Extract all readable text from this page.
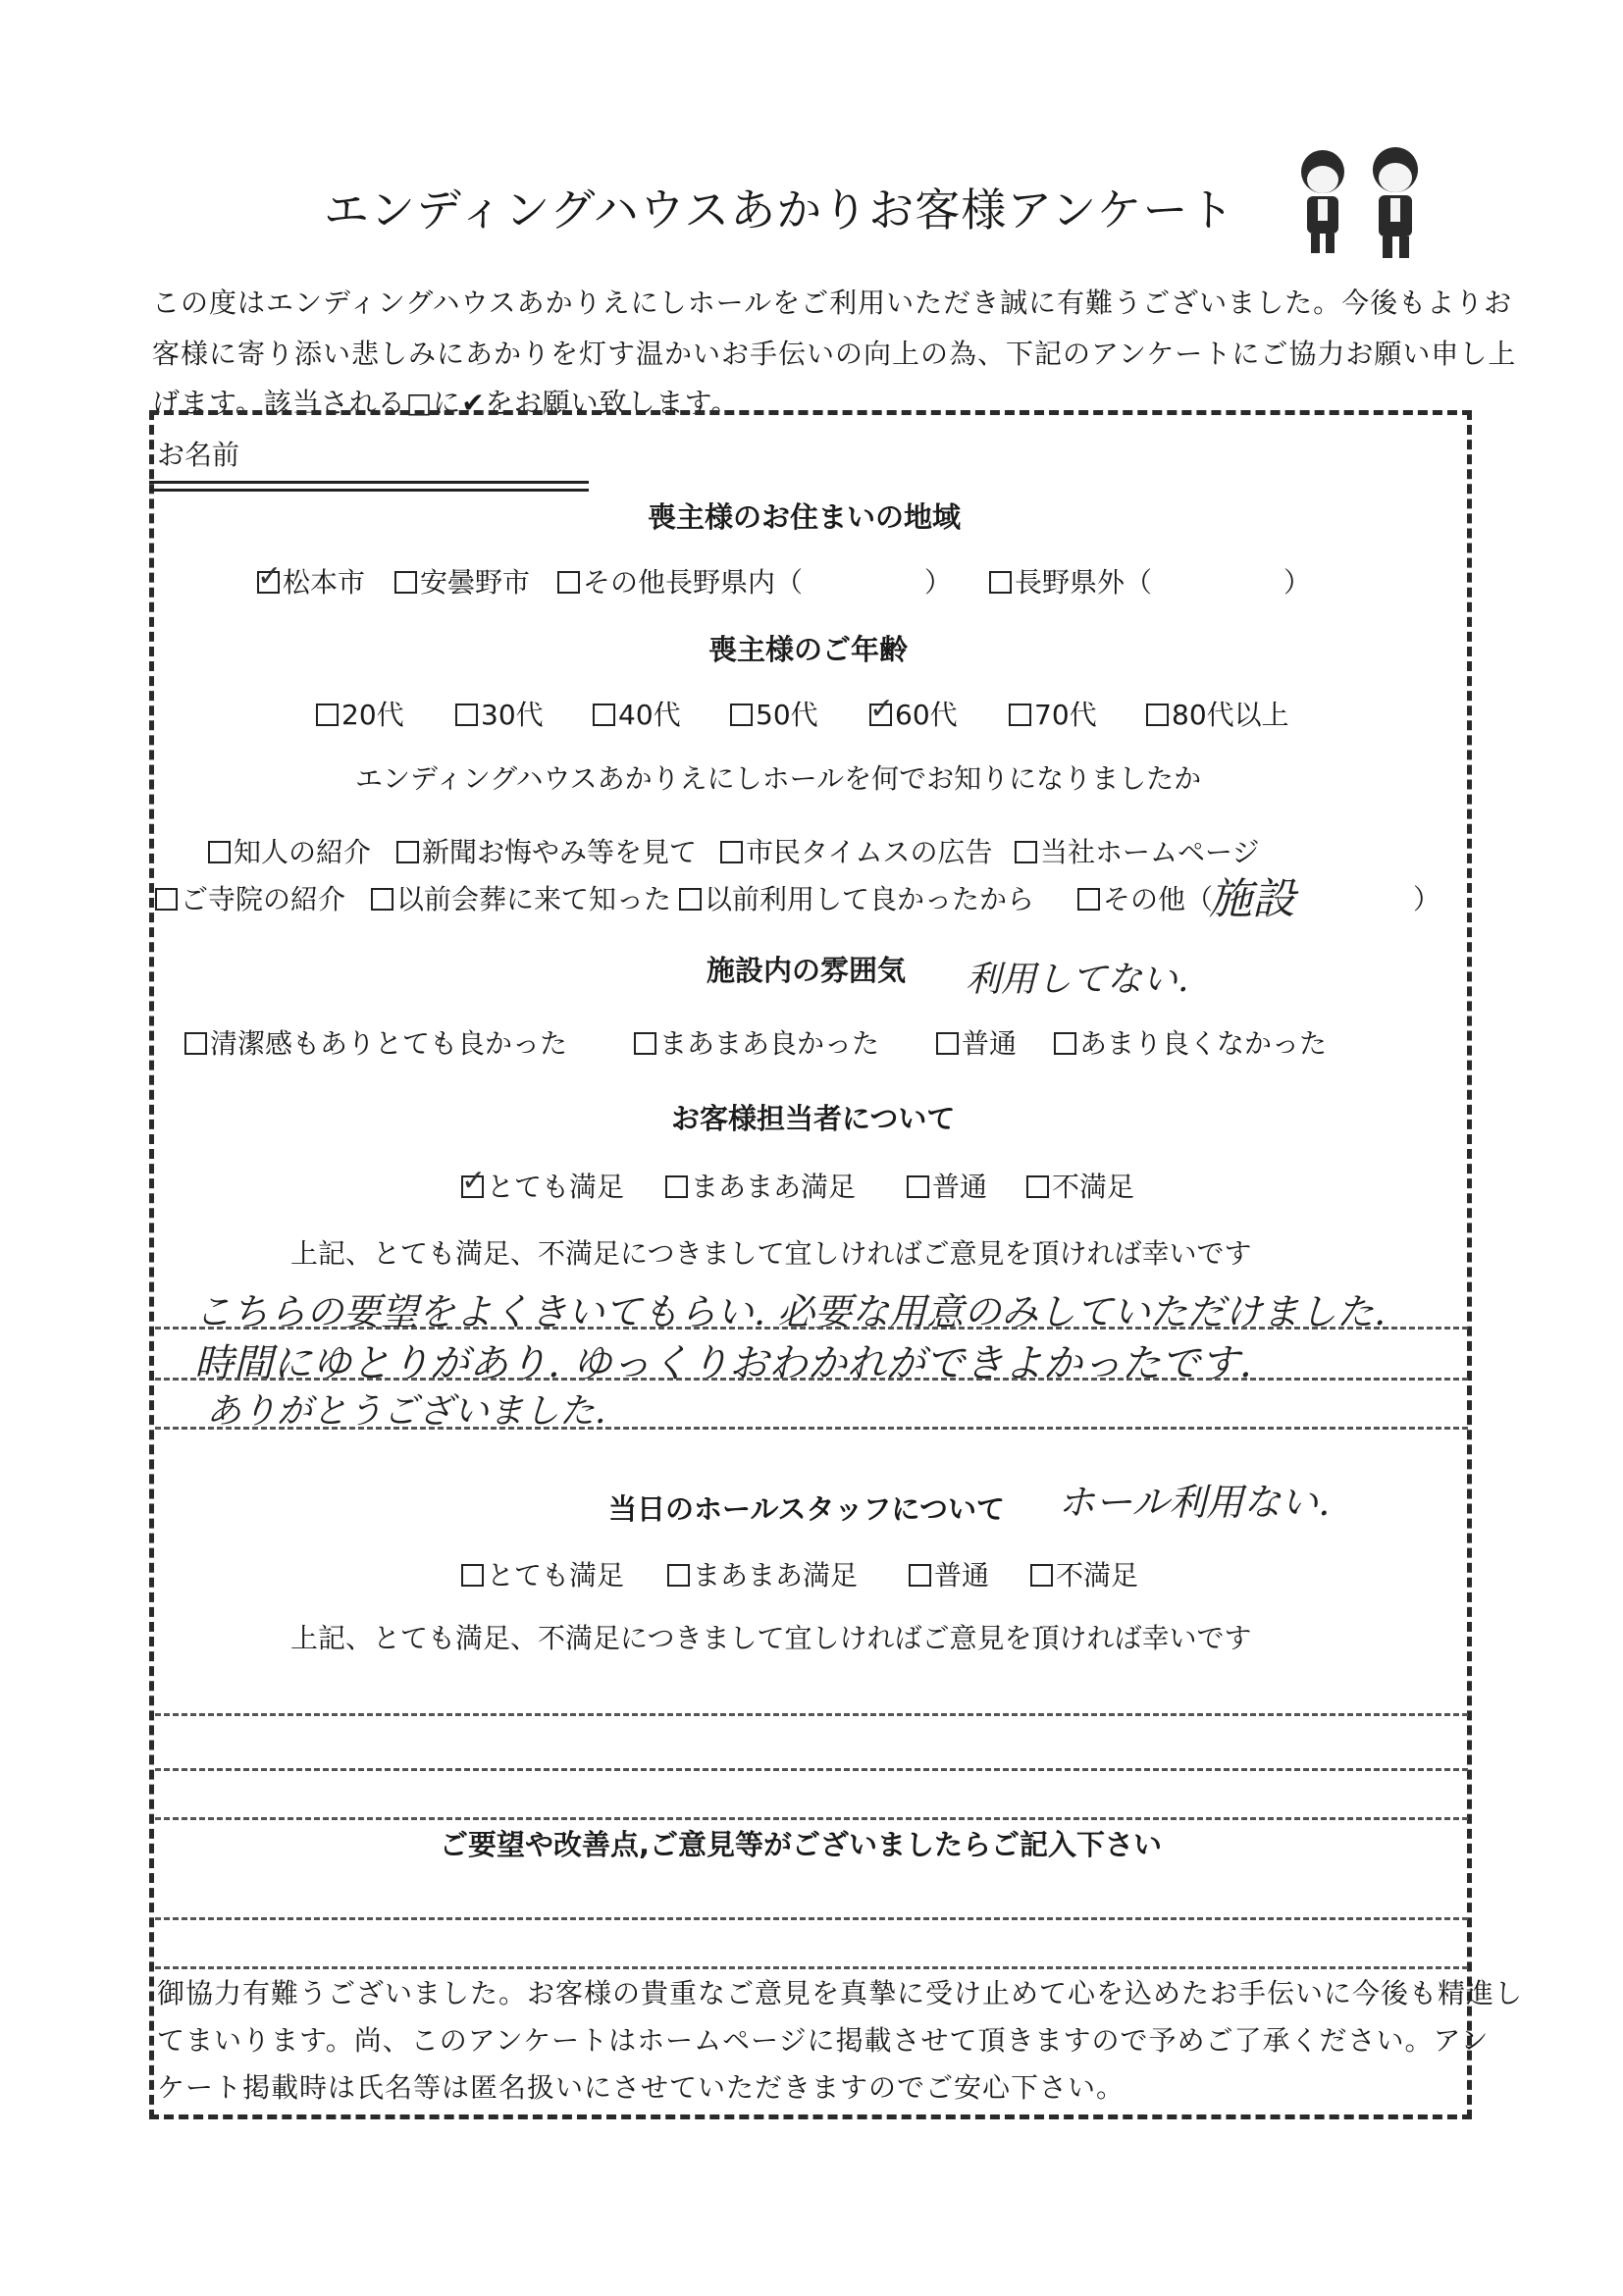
エンディングハウスあかりお客様アンケート
この度はエンディングハウスあかりえにしホールをご利用いただき誠に有難うございました。今後もよりお
客様に寄り添い悲しみにあかりを灯す温かいお手伝いの向上の為、下記のアンケートにご協力お願い申し上
げます。該当される□に✔をお願い致します。
お名前
喪主様のお住まいの地域
✓ 松本市	安曇野市	その他長野県内（	）	長野県外（	）
喪主様のご年齢
20代	30代	40代	50代 ✓ 60代	70代	80代以上
エンディングハウスあかりえにしホールを何でお知りになりましたか
知人の紹介	新聞お悔やみ等を見て	市民タイムスの広告	当社ホームページ
ご寺院の紹介	以前会葬に来て知った	以前利用して良かったから	その他（
施設	）
施設内の雰囲気 利用してない.
清潔感もありとても良かった	まあまあ良かった	普通	あまり良くなかった
お客様担当者について
✓ とても満足	まあまあ満足	普通	不満足
上記、とても満足、不満足につきまして宜しければご意見を頂ければ幸いです
こちらの要望をよくきいてもらい. 必要な用意のみしていただけました.
時間にゆとりがあり. ゆっくりおわかれができよかったです.
ありがとうございました.
当日のホールスタッフについて ホール利用ない.
とても満足	まあまあ満足	普通	不満足
上記、とても満足、不満足につきまして宜しければご意見を頂ければ幸いです
ご要望や改善点,ご意見等がございましたらご記入下さい
御協力有難うございました。お客様の貴重なご意見を真摯に受け止めて心を込めたお手伝いに今後も精進し
てまいります。尚、このアンケートはホームページに掲載させて頂きますので予めご了承ください。アン
ケート掲載時は氏名等は匿名扱いにさせていただきますのでご安心下さい。
